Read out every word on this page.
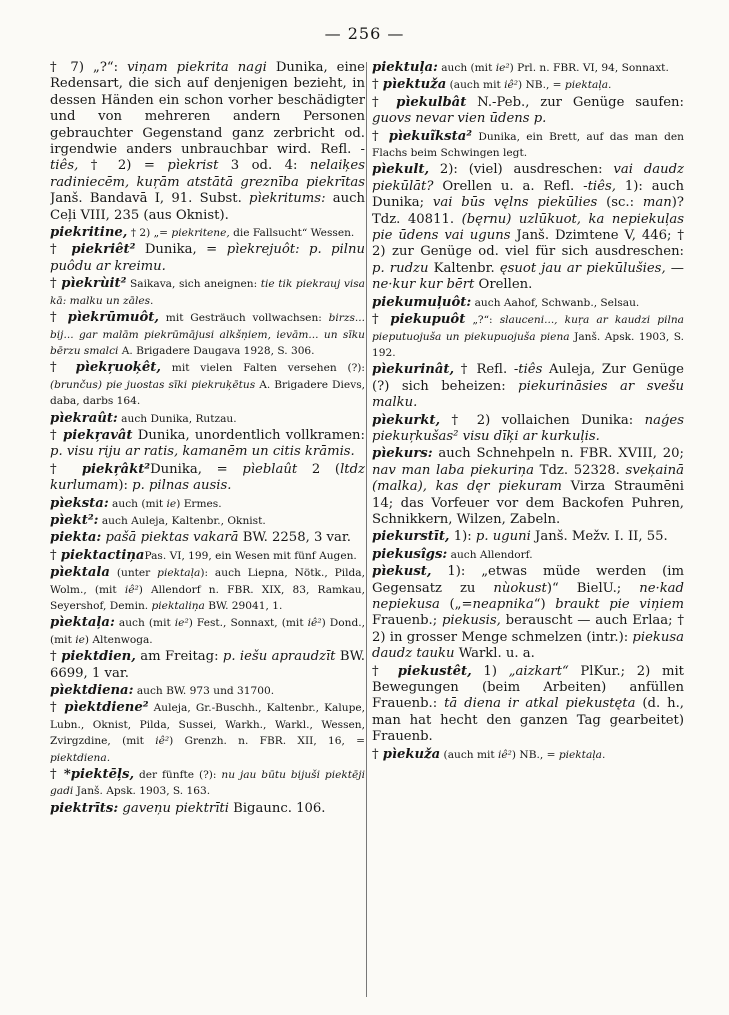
— 256 —
† 7) „?“: viņam piekrita nagi Dunika, eine Redensart, die sich auf denjenigen bezieht, in dessen Händen ein schon vorher beschädigter und von mehreren andern Personen gebrauchter Gegenstand ganz zerbricht od. irgendwie anders unbrauchbar wird. Refl. -tiês, † 2) = pìekrist 3 od. 4: nelaiķes radiniecēm, kuŗām atstātā greznība piekrītas Janš. Bandavā I, 91. Subst. pìekritums: auch Ceļi VIII, 235 (aus Oknist).
piekritine, † 2) „= piekritene, die Fallsucht“ Wessen.
† piekriêt² Dunika, = pìekrejuôt: p. pilnu puôdu ar kreimu.
† pìekrùit² Saikava, sich aneignen: tie tik piekrauj visa kā: malku un zāles.
† pìekrūmuôt, mit Gesträuch vollwachsen: birzs... bij... gar malām piekrūmājusi alkšņiem, ievām... un sīku bērzu smalci A. Brigadere Daugava 1928, S. 306.
† pìekŗuoķêt, mit vielen Falten versehen (?): (brunčus) pie juostas sīki piekruķētus A. Brigadere Dievs, daba, darbs 164.
pìekraût: auch Dunika, Rutzau.
† piekŗavât Dunika, unordentlich vollkramen: p. visu riju ar ratis, kamanēm un citis krāmis.
† piekŗâkt²Dunika, = pìeblaût 2 (ltdz kurlumam): p. pilnas ausis.
pìeksta: auch (mit ie) Ermes.
pìekt²: auch Auleja, Kaltenbr., Oknist.
piekta: pašā piektas vakarā BW. 2258, 3 var.
† piektactiņaPas. VI, 199, ein Wesen mit fünf Augen.
pìektala (unter piektaļa): auch Liepna, Nötk., Pilda, Wolm., (mit iê²) Allendorf n. FBR. XIX, 83, Ramkau, Seyershof, Demin. piektaliņa BW. 29041, 1.
pìektaļa: auch (mit ie²) Fest., Sonnaxt, (mit iê²) Dond., (mit ie) Altenwoga.
† piektdien, am Freitag: p. iešu apraudzīt BW. 6699, 1 var.
pìektdiena: auch BW. 973 und 31700.
† pìektdiene² Auleja, Gr.-Buschh., Kaltenbr., Kalupe, Lubn., Oknist, Pilda, Sussei, Warkh., Warkl., Wessen, Zvirgzdine, (mit iê²) Grenzh. n. FBR. XII, 16, = piektdiena.
† *piektēļs, der fünfte (?): nu jau būtu bijuši piektēji gadi Janš. Apsk. 1903, S. 163.
piektrīts: gaveņu piektrīti Bigaunc. 106.
piektuļa: auch (mit ie²) Prl. n. FBR. VI, 94, Sonnaxt.
† pìektuža (auch mit iê²) NB., = piektaļa.
† pìekulbât N.-Peb., zur Genüge saufen: guovs nevar vien ūdens p.
† pìekuĩksta² Dunika, ein Brett, auf das man den Flachs beim Schwingen legt.
pìekult, 2): (viel) ausdreschen: vai daudz piekūlāt? Orellen u. a. Refl. -tiês, 1): auch Dunika; vai būs vęlns piekūlies (sc.: man)? Tdz. 40811. (bęrnu) uzlūkuot, ka nepiekuļas pie ūdens vai uguns Janš. Dzimtene V, 446; † 2) zur Genüge od. viel für sich ausdreschen: p. rudzu Kaltenbr. ęsuot jau ar piekūlušies, — ne·kur kur bērt Orellen.
piekumuļuôt: auch Aahof, Schwanb., Selsau.
† piekupuôt „?“: slauceni..., kuŗa ar kaudzi pilna pieputuojuša un piekupuojuša piena Janš. Apsk. 1903, S. 192.
pìekurinât, † Refl. -tiês Auleja, Zur Genüge (?) sich beheizen: piekurināsies ar svešu malku.
pìekurkt, † 2) vollaichen Dunika: naģes piekuŗkušas² visu dīķi ar kurkuļis.
pìekurs: auch Schnehpeln n. FBR. XVIII, 20; nav man laba piekuriņa Tdz. 52328. sveķainā (malka), kas dęr piekuram Virza Straumēni 14; das Vorfeuer vor dem Backofen Puhren, Schnikkern, Wilzen, Zabeln.
piekurstīt, 1): p. uguni Janš. Mežv. I. II, 55.
piekusîgs: auch Allendorf.
pìekust, 1): „etwas müde werden (im Gegensatz zu nùokust)“ BielU.; ne·kad nepiekusa („=neapnika“) braukt pie viņiem Frauenb.; piekusis, berauscht — auch Erlaa; † 2) in grosser Menge schmelzen (intr.): piekusa daudz tauku Warkl. u. a.
† piekustêt, 1) „aizkart“ PlKur.; 2) mit Bewegungen (beim Arbeiten) anfüllen Frauenb.: tā diena ir atkal piekustęta (d. h., man hat hecht den ganzen Tag gearbeitet) Frauenb.
† pìekuža (auch mit iê²) NB., = piektaļa.
